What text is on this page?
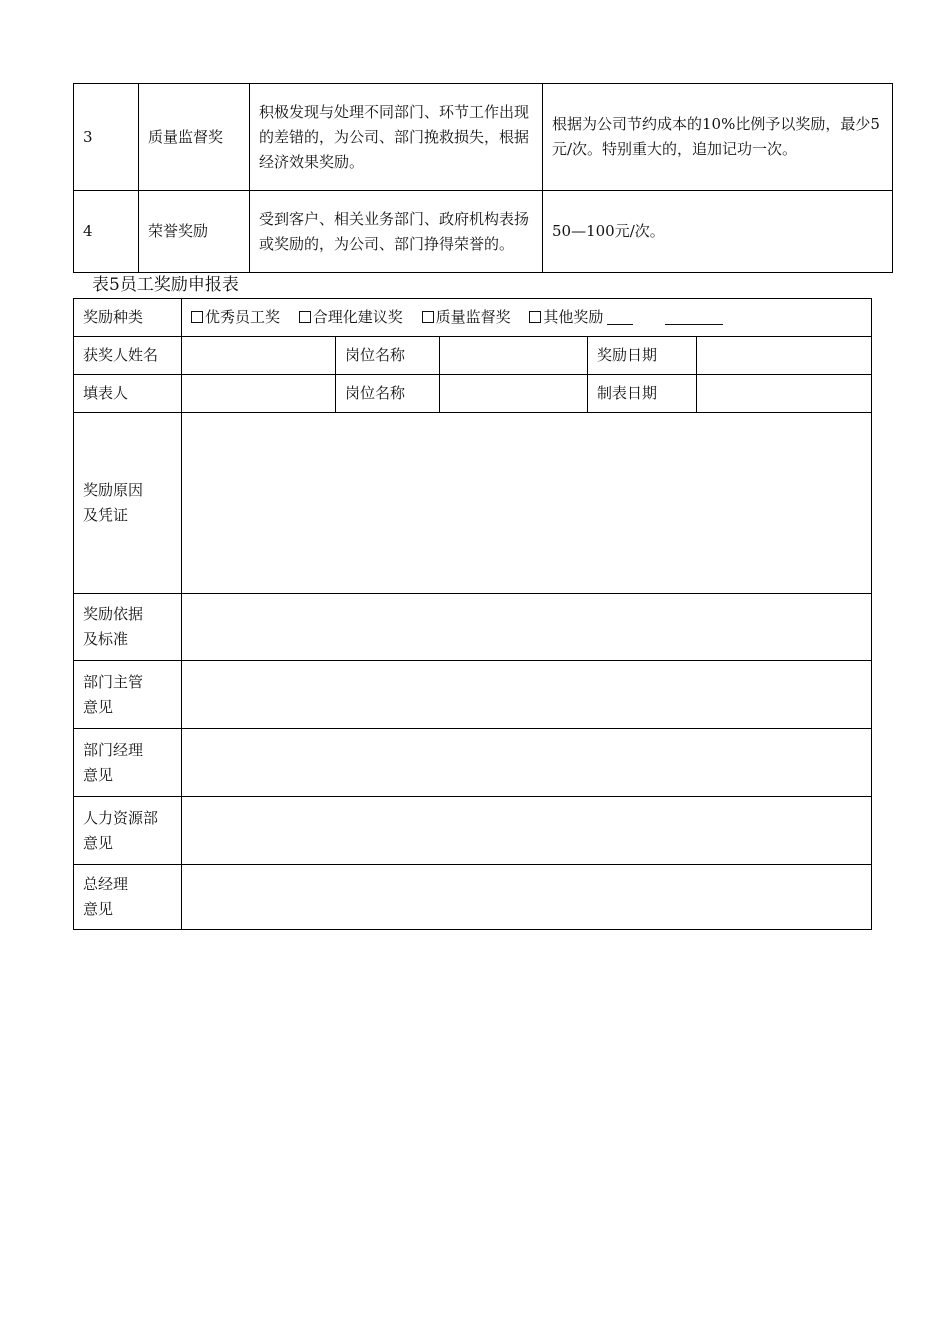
3	质量监督奖	积极发现与处理不同部门、环节工作出现的差错的，为公司、部门挽救损失，根据经济效果奖励。	根据为公司节约成本的10%比例予以奖励，最少5元/次。特别重大的，追加记功一次。
4	荣誉奖励	受到客户、相关业务部门、政府机构表扬或奖励的，为公司、部门挣得荣誉的。	50—100元/次。
表5员工奖励申报表
奖励种类	优秀员工奖 合理化建议奖 质量监督奖 其他奖励				
获奖人姓名		岗位名称		奖励日期	
填表人		岗位名称		制表日期	

奖励原因
及凭证					

奖励依据
及标准					

部门主管
意见					

部门经理
意见					

人力资源部
意见					

总经理
意见					
